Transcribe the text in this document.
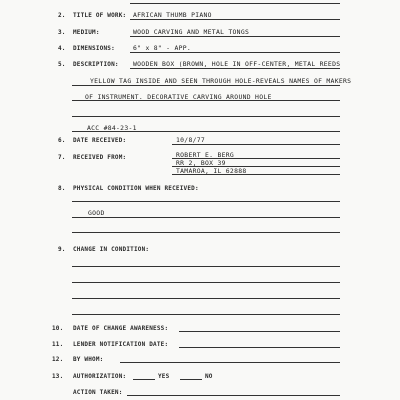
2. TITLE OF WORK: AFRICAN THUMB PIANO
3. MEDIUM:	WOOD CARVING AND METAL TONGS
4. DIMENSIONS:	6" x 8" - APP.
5. DESCRIPTION: WOODEN BOX (BROWN, HOLE IN OFF-CENTER, METAL REEDS
YELLOW TAG INSIDE AND SEEN THROUGH HOLE-REVEALS NAMES OF MAKERS
OF INSTRUMENT. DECORATIVE CARVING AROUND HOLE
ACC #84-23-1
6. DATE RECEIVED:	10/8/77
7. RECEIVED FROM:	ROBERT E. BERG
RR 2, BOX 39
TAMAROA, IL 62888
8. PHYSICAL CONDITION WHEN RECEIVED:
GOOD
9. CHANGE IN CONDITION:
10. DATE OF CHANGE AWARENESS:
11. LENDER NOTIFICATION DATE:
12. BY WHOM:
13. AUTHORIZATION:	YES	NO
ACTION TAKEN:
